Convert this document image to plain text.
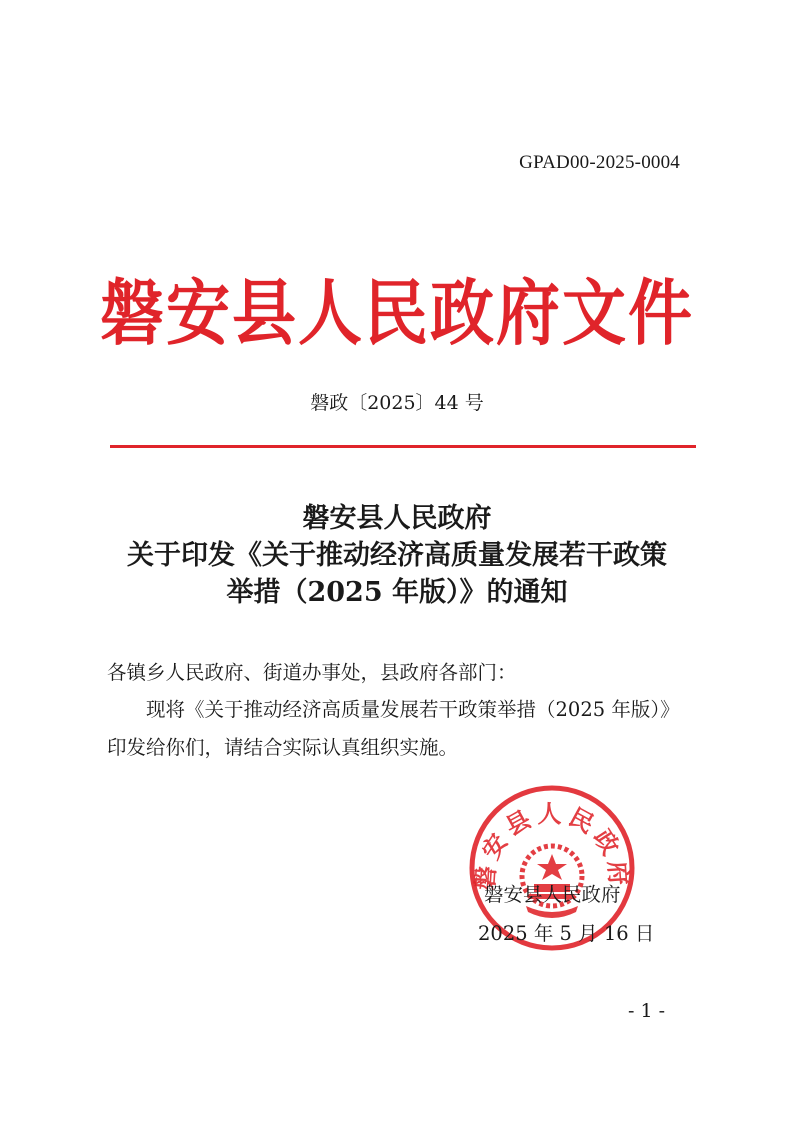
GPAD00-2025-0004
磐安县人民政府文件
磐政〔2025〕44 号
磐安县人民政府
关于印发《关于推动经济高质量发展若干政策
举措（2025 年版）》的通知
各镇乡人民政府、街道办事处，县政府各部门：
现将《关于推动经济高质量发展若干政策举措（2025 年版）》印发给你们，请结合实际认真组织实施。
磐安县人民政府
磐安县人民政府
2025 年 5 月 16 日
- 1 -
